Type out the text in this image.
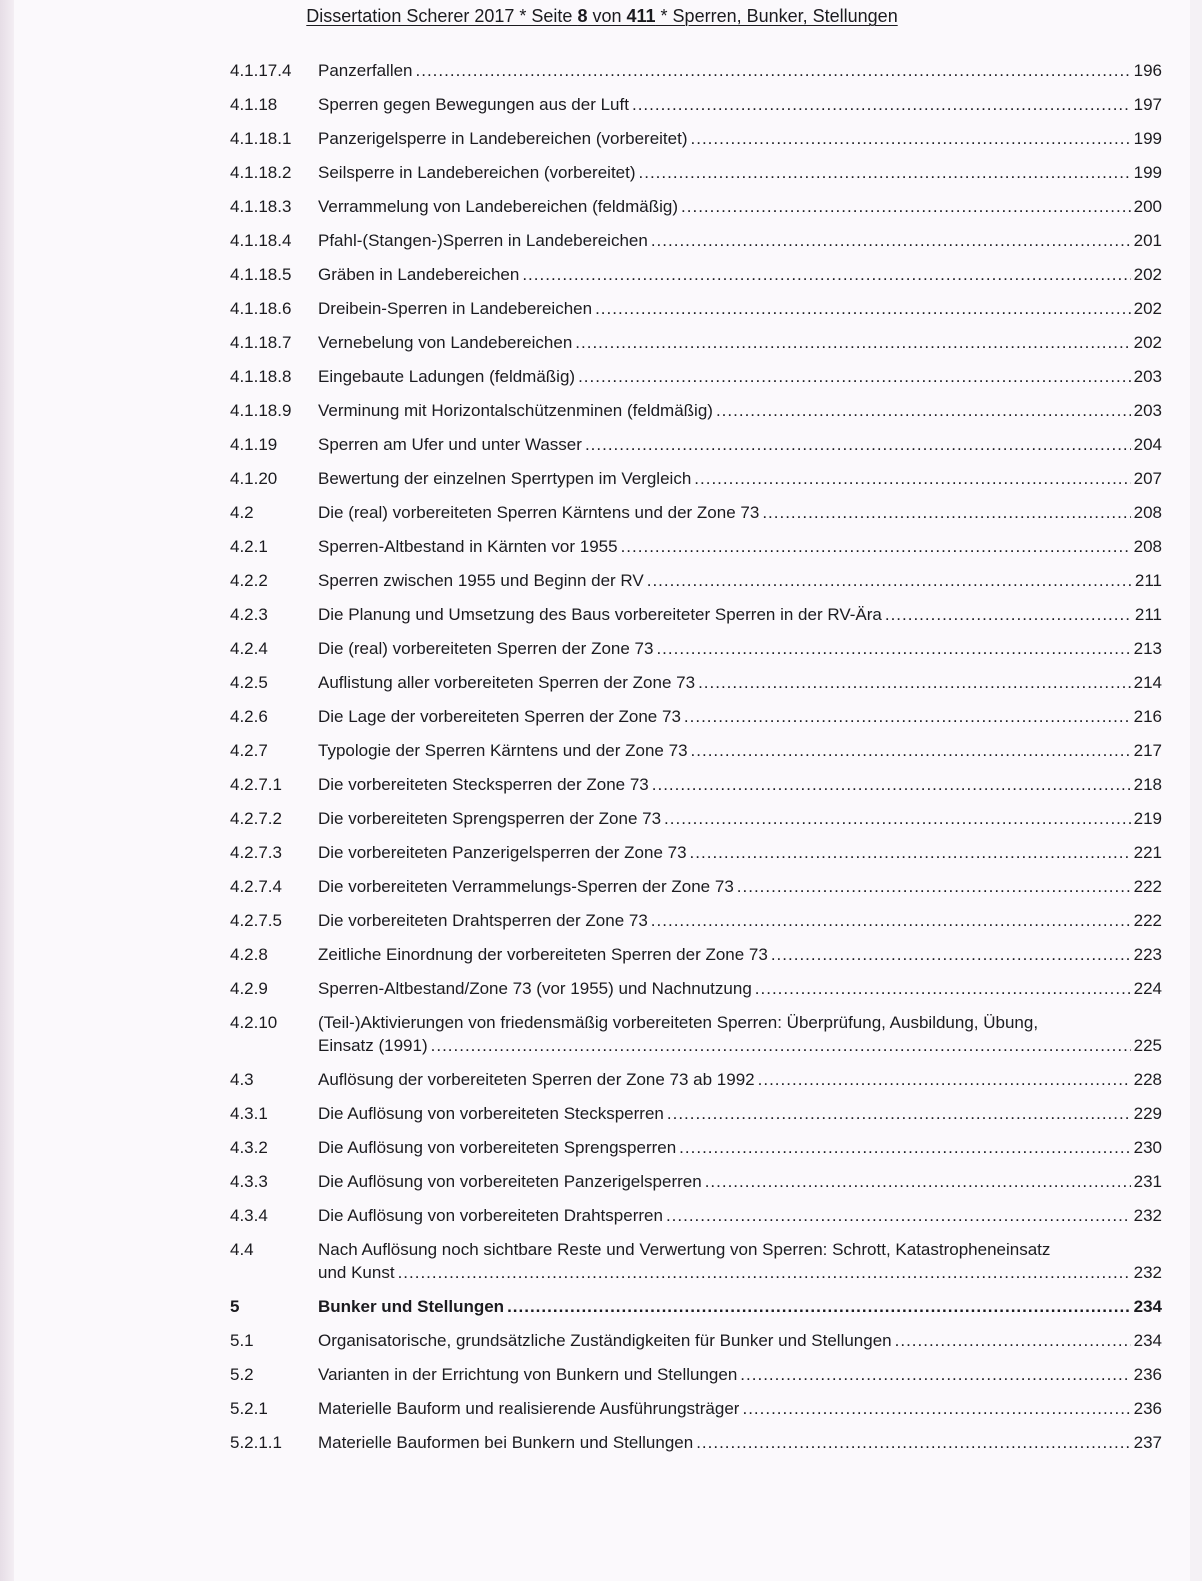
Dissertation Scherer 2017 * Seite 8 von 411 * Sperren, Bunker, Stellungen
4.1.17.4	Panzerfallen .....	196
4.1.18	Sperren gegen Bewegungen aus der Luft .....	197
4.1.18.1	Panzerigelsperre in Landebereichen (vorbereitet) .....	199
4.1.18.2	Seilsperre in Landebereichen (vorbereitet) .....	199
4.1.18.3	Verrammelung von Landebereichen (feldmäßig) .....	200
4.1.18.4	Pfahl-(Stangen-)Sperren in Landebereichen .....	201
4.1.18.5	Gräben in Landebereichen .....	202
4.1.18.6	Dreibein-Sperren in Landebereichen .....	202
4.1.18.7	Vernebelung von Landebereichen .....	202
4.1.18.8	Eingebaute Ladungen (feldmäßig) .....	203
4.1.18.9	Verminung mit Horizontalschützenminen (feldmäßig) .....	203
4.1.19	Sperren am Ufer und unter Wasser .....	204
4.1.20	Bewertung der einzelnen Sperrtypen im Vergleich .....	207
4.2	Die (real) vorbereiteten Sperren Kärntens und der Zone 73 .....	208
4.2.1	Sperren-Altbestand in Kärnten vor 1955 .....	208
4.2.2	Sperren zwischen 1955 und Beginn der RV .....	211
4.2.3	Die Planung und Umsetzung des Baus vorbereiteter Sperren in der RV-Ära .....	211
4.2.4	Die (real) vorbereiteten Sperren der Zone 73 .....	213
4.2.5	Auflistung aller vorbereiteten Sperren der Zone 73 .....	214
4.2.6	Die Lage der vorbereiteten Sperren der Zone 73 .....	216
4.2.7	Typologie der Sperren Kärntens und der Zone 73 .....	217
4.2.7.1	Die vorbereiteten Stecksperren der Zone 73 .....	218
4.2.7.2	Die vorbereiteten Sprengsperren der Zone 73 .....	219
4.2.7.3	Die vorbereiteten Panzerigelsperren der Zone 73 .....	221
4.2.7.4	Die vorbereiteten Verrammelungs-Sperren der Zone 73 .....	222
4.2.7.5	Die vorbereiteten Drahtsperren der Zone 73 .....	222
4.2.8	Zeitliche Einordnung der vorbereiteten Sperren der Zone 73 .....	223
4.2.9	Sperren-Altbestand/Zone 73 (vor 1955) und Nachnutzung .....	224
4.2.10	(Teil-)Aktivierungen von friedensmäßig vorbereiteten Sperren: Überprüfung, Ausbildung, Übung,
Einsatz (1991) .....	225
4.3	Auflösung der vorbereiteten Sperren der Zone 73 ab 1992 .....	228
4.3.1	Die Auflösung von vorbereiteten Stecksperren .....	229
4.3.2	Die Auflösung von vorbereiteten Sprengsperren .....	230
4.3.3	Die Auflösung von vorbereiteten Panzerigelsperren .....	231
4.3.4	Die Auflösung von vorbereiteten Drahtsperren .....	232
4.4	Nach Auflösung noch sichtbare Reste und Verwertung von Sperren: Schrott, Katastropheneinsatz
und Kunst .....	232
5	Bunker und Stellungen .....	234
5.1	Organisatorische, grundsätzliche Zuständigkeiten für Bunker und Stellungen .....	234
5.2	Varianten in der Errichtung von Bunkern und Stellungen .....	236
5.2.1	Materielle Bauform und realisierende Ausführungsträger .....	236
5.2.1.1	Materielle Bauformen bei Bunkern und Stellungen .....	237
